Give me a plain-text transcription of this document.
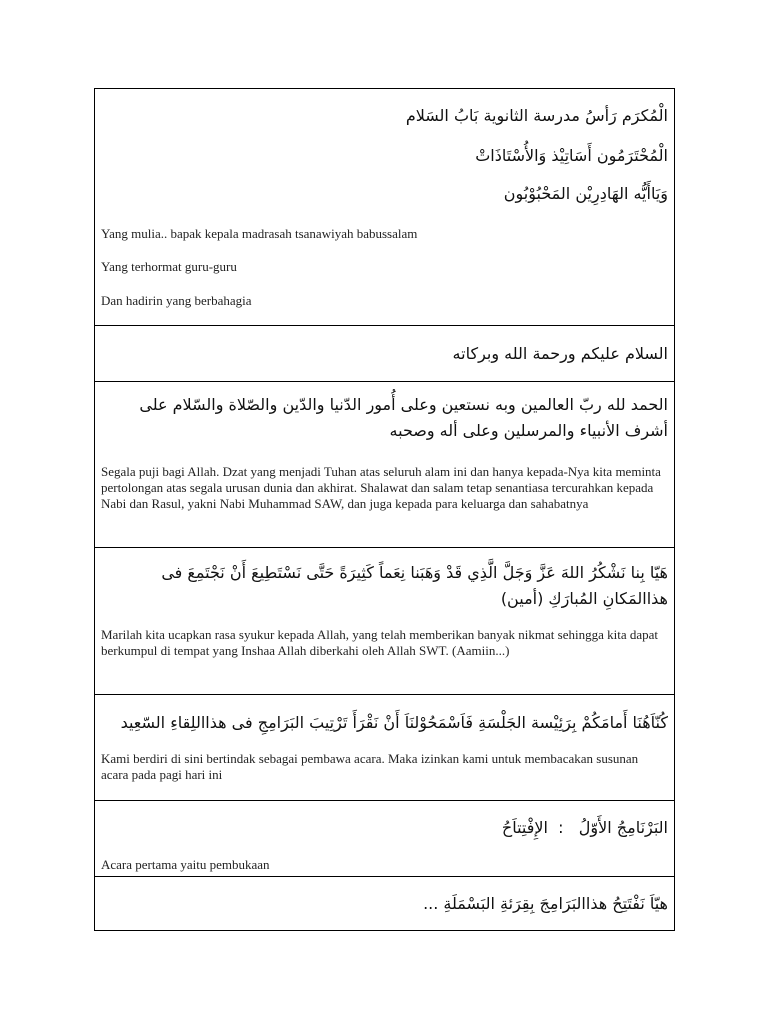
الْمُكرَم رَأسُ مدرسة الثانوية بَابُ السَلام
الْمُحْتَرَمُون أَسَاتِيْذ وَالأُسْتَاذَاتْ
وَيَاأَيُّه الهَادِرِيْن المَحْبُوْبُون
Yang mulia.. bapak kepala madrasah tsanawiyah babussalam
Yang terhormat guru-guru
Dan hadirin yang berbahagia
السلام عليكم ورحمة الله وبركاته
الحمد لله ربّ العالمين وبه نستعين وعلى أُمور الدّنيا والدّين والصّلاة والسّلام على أشرف الأنبياء والمرسلين وعلى أله وصحبه
Segala puji bagi Allah. Dzat yang menjadi Tuhan atas seluruh alam ini dan hanya kepada-Nya kita meminta pertolongan atas segala urusan dunia dan akhirat. Shalawat dan salam tetap senantiasa tercurahkan kepada Nabi dan Rasul, yakni Nabi Muhammad SAW, dan juga kepada para keluarga dan sahabatnya
هَيّا بِنا نَشْكُرُ اللهَ عَزَّ وَجَلَّ الَّذِي قَدْ وَهَبَنا نِعَماً كَثِيرَةً حَتَّى نَسْتَطِيعَ أَنْ نَجْتَمِعَ فى هذاالمَكانِ المُبارَكِ (أمين)
Marilah kita ucapkan rasa syukur kepada Allah, yang telah memberikan banyak nikmat sehingga kita dapat berkumpul di tempat yang Inshaa Allah diberkahi oleh Allah SWT. (Aamiin...)
كُنّاَهُنَا أَمامَكُمْ بِرَئِيْسة الجَلْسَةِ فَاَسْمَحُوْلنَاَ أَنْ نَقْرَأَ تَرْتِيبَ البَرَامِجِ فى هذااللِقاءِ السّعِيد
Kami berdiri di sini bertindak sebagai pembawa acara. Maka izinkan kami untuk membacakan susunan acara pada pagi hari ini
البَرْنَامِجُ الأَوّلُ   :  الإِفْتِتاَحُ
Acara pertama yaitu pembukaan
هيّاَ نَفْتَتِحُ هذاالبَرَامِجَ بِقِرَئةِ البَسْمَلَةِ ...
